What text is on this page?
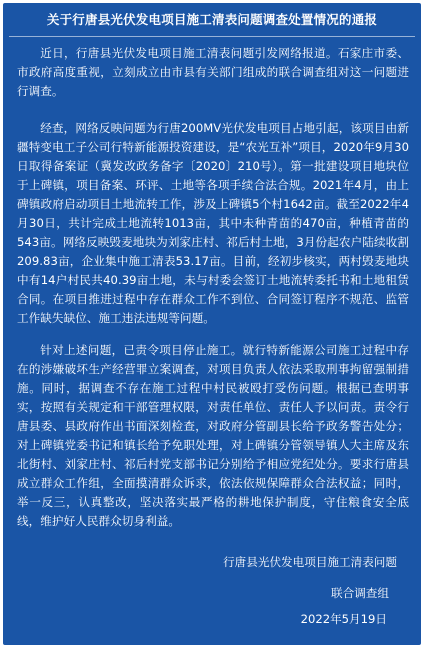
关于行唐县光伏发电项目施工清表问题调查处置情况的通报
近日，行唐县光伏发电项目施工清表问题引发网络报道。石家庄市委、市政府高度重视，立刻成立由市县有关部门组成的联合调查组对这一问题进行调查。
经查，网络反映问题为行唐200MV光伏发电项目占地引起，该项目由新疆特变电工子公司行特新能源投资建设，是“农光互补”项目，2020年9月30日取得备案证（冀发改政务备字〔2020〕210号）。第一批建设项目地块位于上碑镇，项目备案、环评、土地等各项手续合法合规。2021年4月，由上碑镇政府启动项目土地流转工作，涉及上碑镇5个村1642亩。截至2022年4月30日，共计完成土地流转1013亩，其中未种青苗的470亩，种植青苗的543亩。网络反映毁麦地块为刘家庄村、祁后村土地，3月份起农户陆续收割209.83亩，企业集中施工清表53.17亩。目前，经初步核实，两村毁麦地块中有14户村民共40.39亩土地，未与村委会签订土地流转委托书和土地租赁合同。在项目推进过程中存在群众工作不到位、合同签订程序不规范、监管工作缺失缺位、施工违法违规等问题。
针对上述问题，已责令项目停止施工。就行特新能源公司施工过程中存在的涉嫌破坏生产经营罪立案调查，对项目负责人依法采取刑事拘留强制措施。同时，据调查不存在施工过程中村民被殴打受伤问题。根据已查明事实，按照有关规定和干部管理权限，对责任单位、责任人予以问责。责令行唐县委、县政府作出书面深刻检查，对政府分管副县长给予政务警告处分；对上碑镇党委书记和镇长给予免职处理，对上碑镇分管领导镇人大主席及东北街村、刘家庄村、祁后村党支部书记分别给予相应党纪处分。要求行唐县成立群众工作组，全面摸清群众诉求，依法依规保障群众合法权益；同时，举一反三，认真整改，坚决落实最严格的耕地保护制度，守住粮食安全底线，维护好人民群众切身利益。
行唐县光伏发电项目施工清表问题
联合调查组
2022年5月19日
